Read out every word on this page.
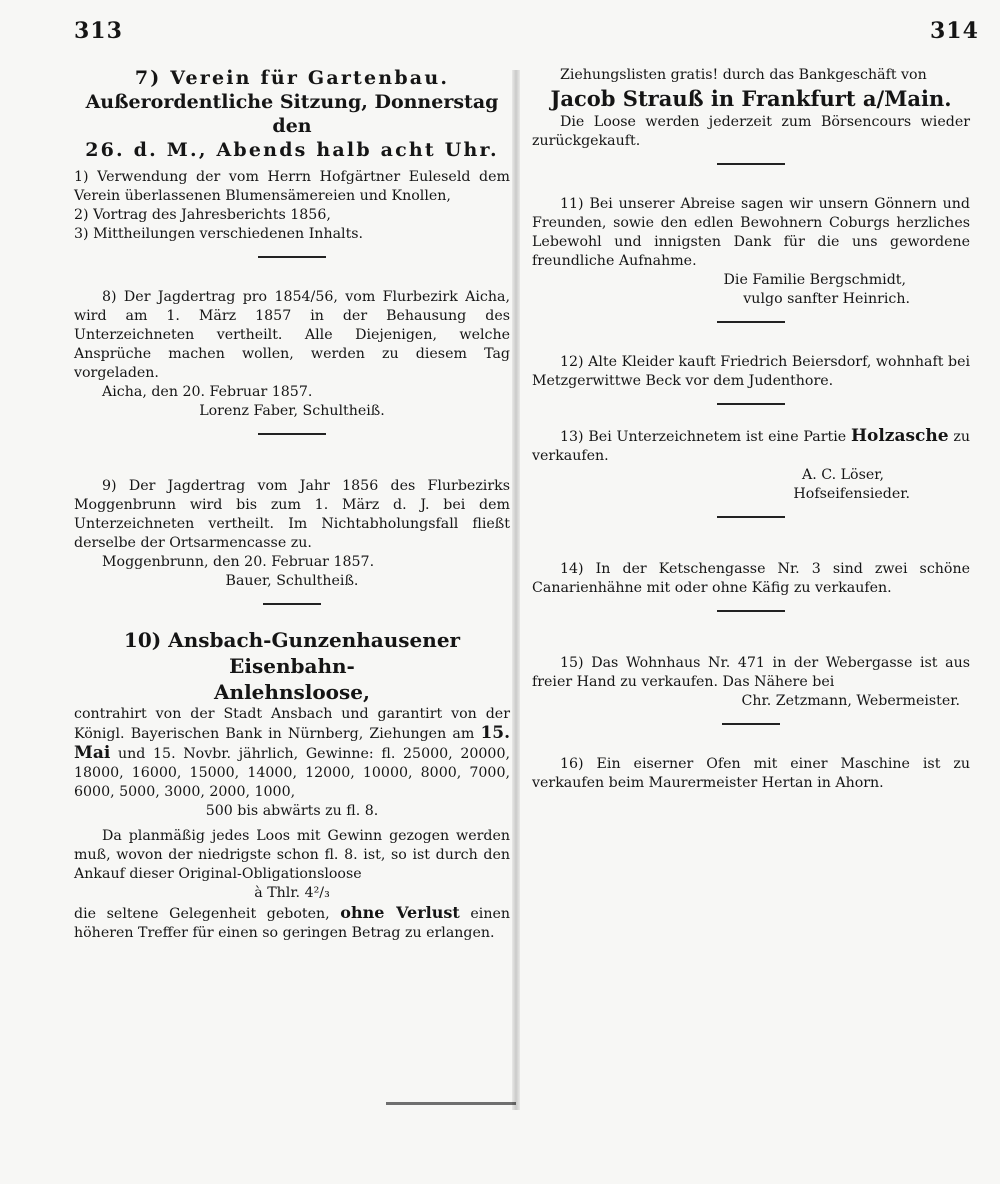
313	314

7) Verein für Gartenbau.

Außerordentliche Sitzung, Donnerstag den

26. d. M., Abends halb acht Uhr.

1) Verwendung der vom Herrn Hofgärtner Euleseld dem Verein überlassenen Blumensämereien und Knollen,
2) Vortrag des Jahresberichts 1856,
3) Mittheilungen verschiedenen Inhalts.

8) Der Jagdertrag pro 1854/56, vom Flurbezirk Aicha, wird am 1. März 1857 in der Behausung des Unterzeichneten vertheilt. Alle Diejenigen, welche Ansprüche machen wollen, werden zu diesem Tag vorgeladen.

Aicha, den 20. Februar 1857.

Lorenz Faber, Schultheiß.

9) Der Jagdertrag vom Jahr 1856 des Flurbezirks Moggenbrunn wird bis zum 1. März d. J. bei dem Unterzeichneten vertheilt. Im Nichtabholungsfall fließt derselbe der Ortsarmencasse zu.

Moggenbrunn, den 20. Februar 1857.

Bauer, Schultheiß.

10) Ansbach-Gunzenhausener Eisenbahn-

Anlehnsloose,

contrahirt von der Stadt Ansbach und garantirt von der Königl. Bayerischen Bank in Nürnberg, Ziehungen am 15. Mai und 15. Novbr. jährlich, Gewinne: fl. 25000, 20000, 18000, 16000, 15000, 14000, 12000, 10000, 8000, 7000, 6000, 5000, 3000, 2000, 1000,

500 bis abwärts zu fl. 8.

Da planmäßig jedes Loos mit Gewinn gezogen werden muß, wovon der niedrigste schon fl. 8. ist, so ist durch den Ankauf dieser Original-Obligationsloose

à Thlr. 4²/₃

die seltene Gelegenheit geboten, ohne Verlust einen höheren Treffer für einen so geringen Betrag zu erlangen.

Ziehungslisten gratis! durch das Bankgeschäft von

Jacob Strauß in Frankfurt a/Main.

Die Loose werden jederzeit zum Börsencours wieder zurückgekauft.

11) Bei unserer Abreise sagen wir unsern Gönnern und Freunden, sowie den edlen Bewohnern Coburgs herzliches Lebewohl und innigsten Dank für die uns gewordene freundliche Aufnahme.

Die Familie Bergschmidt,

vulgo sanfter Heinrich.

12) Alte Kleider kauft Friedrich Beiersdorf, wohnhaft bei Metzgerwittwe Beck vor dem Judenthore.

13) Bei Unterzeichnetem ist eine Partie Holzasche zu verkaufen.

A. C. Löser,

Hofseifensieder.

14) In der Ketschengasse Nr. 3 sind zwei schöne Canarienhähne mit oder ohne Käfig zu verkaufen.

15) Das Wohnhaus Nr. 471 in der Webergasse ist aus freier Hand zu verkaufen. Das Nähere bei

Chr. Zetzmann, Webermeister.

16) Ein eiserner Ofen mit einer Maschine ist zu verkaufen beim Maurermeister Hertan in Ahorn.
